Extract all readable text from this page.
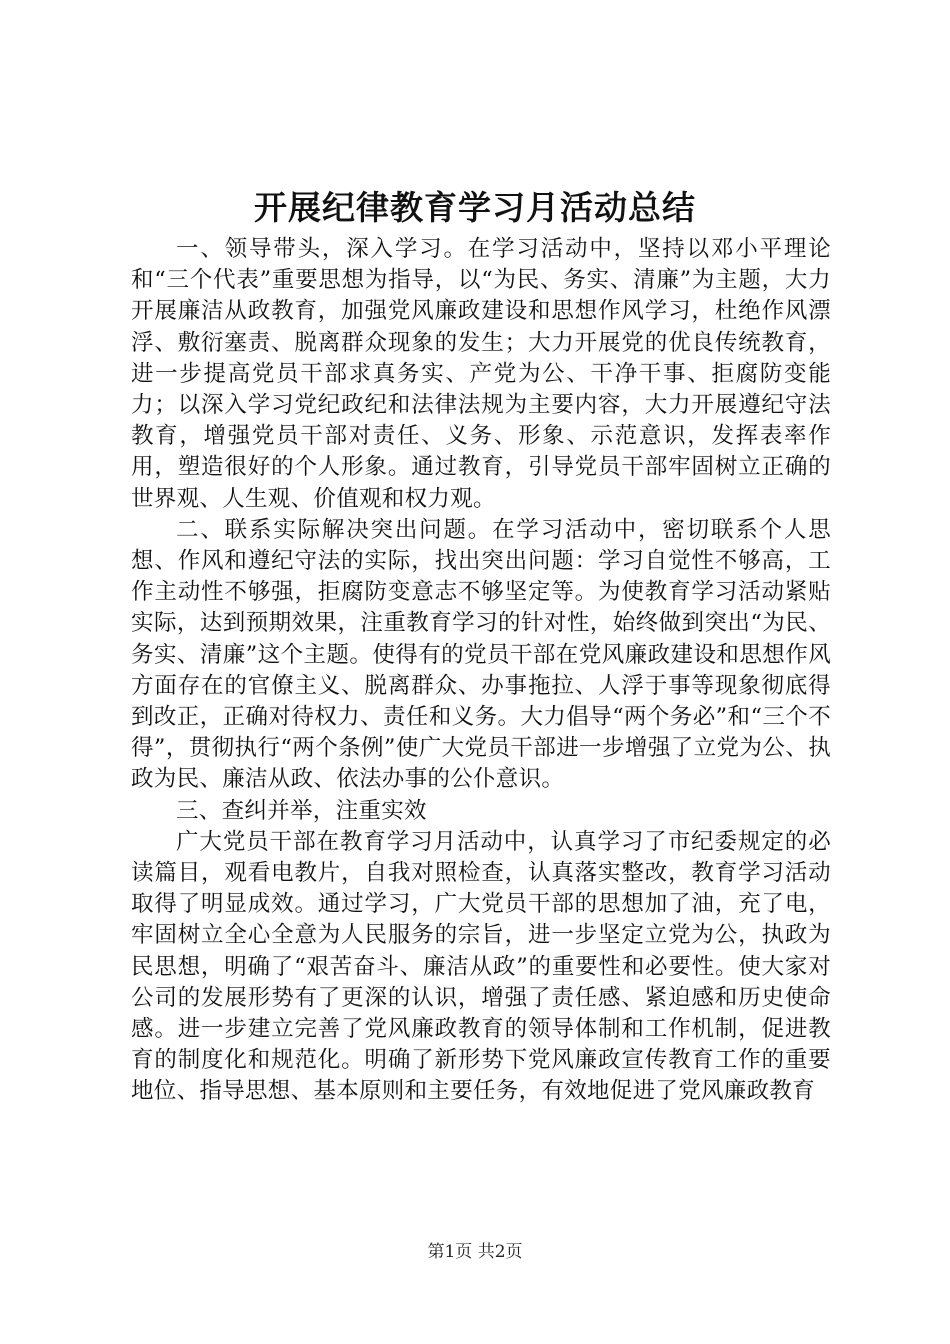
开展纪律教育学习月活动总结

一、领导带头，深入学习。在学习活动中，坚持以邓小平理论和“三个代表”重要思想为指导，以“为民、务实、清廉”为主题，大力开展廉洁从政教育，加强党风廉政建设和思想作风学习，杜绝作风漂浮、敷衍塞责、脱离群众现象的发生；大力开展党的优良传统教育，进一步提高党员干部求真务实、产党为公、干净干事、拒腐防变能力；以深入学习党纪政纪和法律法规为主要内容，大力开展遵纪守法教育，增强党员干部对责任、义务、形象、示范意识，发挥表率作用，塑造很好的个人形象。通过教育，引导党员干部牢固树立正确的世界观、人生观、价值观和权力观。

二、联系实际解决突出问题。在学习活动中，密切联系个人思想、作风和遵纪守法的实际，找出突出问题：学习自觉性不够高，工作主动性不够强，拒腐防变意志不够坚定等。为使教育学习活动紧贴实际，达到预期效果，注重教育学习的针对性，始终做到突出“为民、务实、清廉”这个主题。使得有的党员干部在党风廉政建设和思想作风方面存在的官僚主义、脱离群众、办事拖拉、人浮于事等现象彻底得到改正，正确对待权力、责任和义务。大力倡导“两个务必”和“三个不得”，贯彻执行“两个条例”使广大党员干部进一步增强了立党为公、执政为民、廉洁从政、依法办事的公仆意识。

三、查纠并举，注重实效

广大党员干部在教育学习月活动中，认真学习了市纪委规定的必读篇目，观看电教片，自我对照检查，认真落实整改，教育学习活动取得了明显成效。通过学习，广大党员干部的思想加了油，充了电，牢固树立全心全意为人民服务的宗旨，进一步坚定立党为公，执政为民思想，明确了“艰苦奋斗、廉洁从政”的重要性和必要性。使大家对公司的发展形势有了更深的认识，增强了责任感、紧迫感和历史使命感。进一步建立完善了党风廉政教育的领导体制和工作机制，促进教育的制度化和规范化。明确了新形势下党风廉政宣传教育工作的重要地位、指导思想、基本原则和主要任务，有效地促进了党风廉政教育

第1页 共2页
